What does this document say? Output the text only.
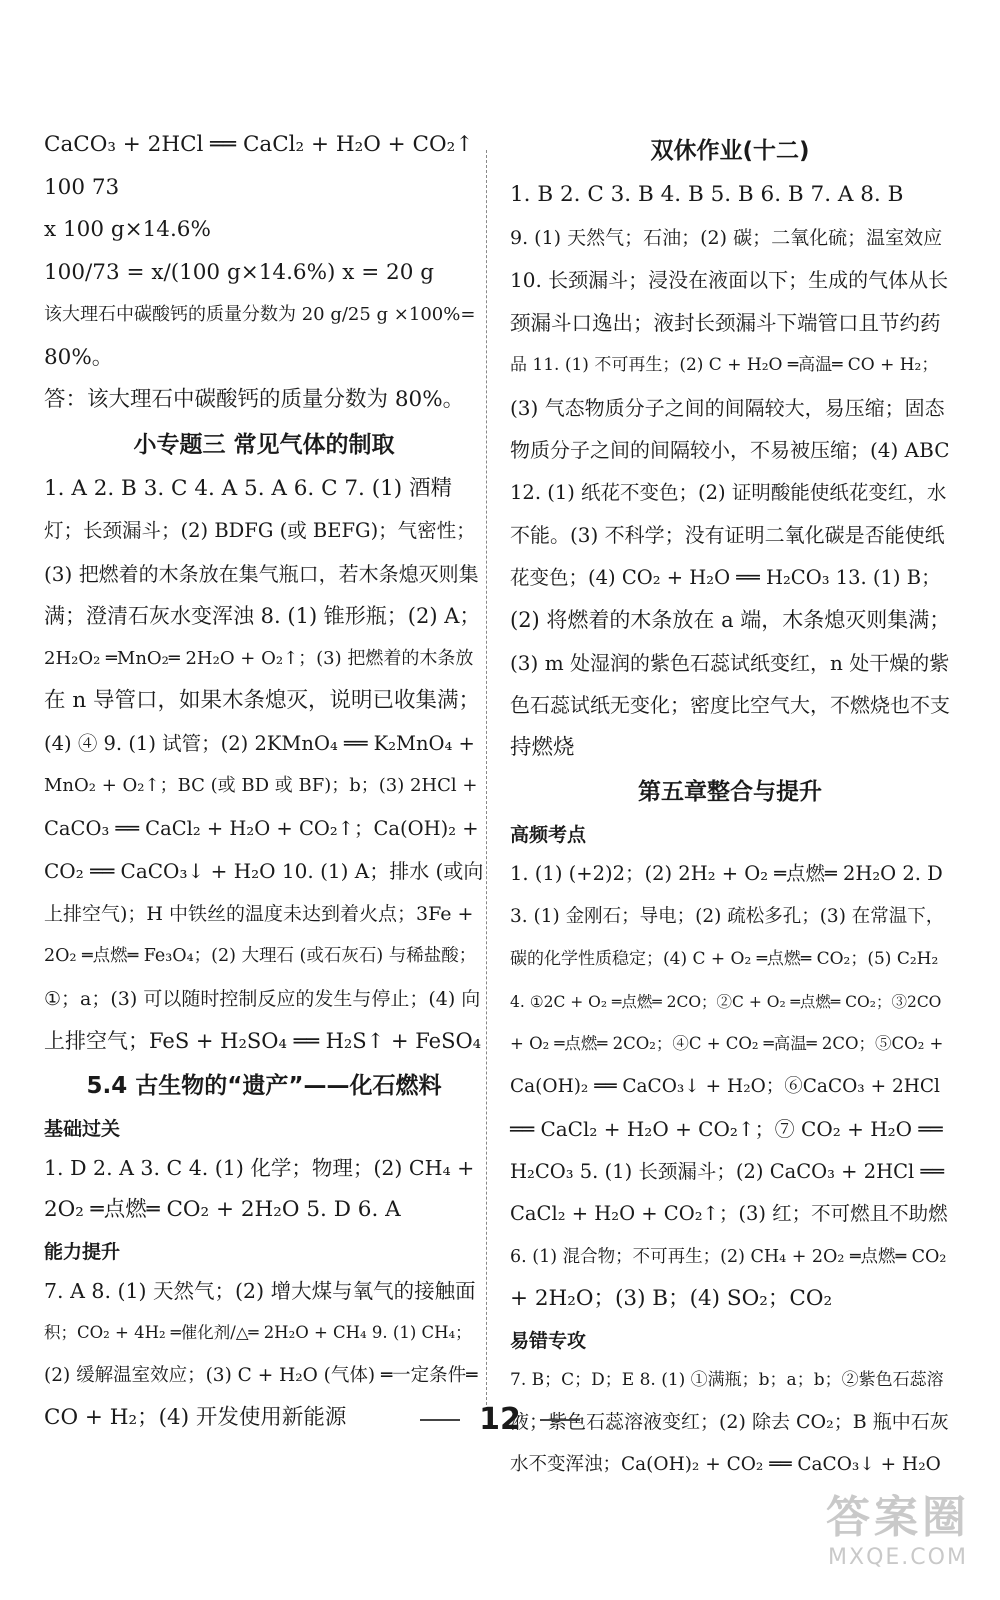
CaCO₃ + 2HCl ══ CaCl₂ + H₂O + CO₂↑
100 73
x 100 g×14.6%
100/73 = x/(100 g×14.6%) x = 20 g
该大理石中碳酸钙的质量分数为 20 g/25 g ×100%=
80%。
答：该大理石中碳酸钙的质量分数为 80%。
小专题三 常见气体的制取
1. A 2. B 3. C 4. A 5. A 6. C 7. (1) 酒精
灯；长颈漏斗；(2) BDFG (或 BEFG)；气密性；
(3) 把燃着的木条放在集气瓶口，若木条熄灭则集
满；澄清石灰水变浑浊 8. (1) 锥形瓶；(2) A；
2H₂O₂ ═MnO₂═ 2H₂O + O₂↑；(3) 把燃着的木条放
在 n 导管口，如果木条熄灭，说明已收集满；
(4) ④ 9. (1) 试管；(2) 2KMnO₄ ══ K₂MnO₄ +
MnO₂ + O₂↑；BC (或 BD 或 BF)；b；(3) 2HCl +
CaCO₃ ══ CaCl₂ + H₂O + CO₂↑；Ca(OH)₂ +
CO₂ ══ CaCO₃↓ + H₂O 10. (1) A；排水 (或向
上排空气)；H 中铁丝的温度未达到着火点；3Fe +
2O₂ ═点燃═ Fe₃O₄；(2) 大理石 (或石灰石) 与稀盐酸；
①；a；(3) 可以随时控制反应的发生与停止；(4) 向
上排空气；FeS + H₂SO₄ ══ H₂S↑ + FeSO₄
5.4 古生物的“遗产”——化石燃料
基础过关
1. D 2. A 3. C 4. (1) 化学；物理；(2) CH₄ +
2O₂ ═点燃═ CO₂ + 2H₂O 5. D 6. A
能力提升
7. A 8. (1) 天然气；(2) 增大煤与氧气的接触面
积；CO₂ + 4H₂ ═催化剂/△═ 2H₂O + CH₄ 9. (1) CH₄；
(2) 缓解温室效应；(3) C + H₂O (气体) ═一定条件═
CO + H₂；(4) 开发使用新能源
双休作业(十二)
1. B 2. C 3. B 4. B 5. B 6. B 7. A 8. B
9. (1) 天然气；石油；(2) 碳；二氧化硫；温室效应
10. 长颈漏斗；浸没在液面以下；生成的气体从长
颈漏斗口逸出；液封长颈漏斗下端管口且节约药
品 11. (1) 不可再生；(2) C + H₂O ═高温═ CO + H₂；
(3) 气态物质分子之间的间隔较大，易压缩；固态
物质分子之间的间隔较小，不易被压缩；(4) ABC
12. (1) 纸花不变色；(2) 证明酸能使纸花变红，水
不能。(3) 不科学；没有证明二氧化碳是否能使纸
花变色；(4) CO₂ + H₂O ══ H₂CO₃ 13. (1) B；
(2) 将燃着的木条放在 a 端，木条熄灭则集满；
(3) m 处湿润的紫色石蕊试纸变红，n 处干燥的紫
色石蕊试纸无变化；密度比空气大，不燃烧也不支
持燃烧
第五章整合与提升
高频考点
1. (1) (+2)2；(2) 2H₂ + O₂ ═点燃═ 2H₂O 2. D
3. (1) 金刚石；导电；(2) 疏松多孔；(3) 在常温下，
碳的化学性质稳定；(4) C + O₂ ═点燃═ CO₂；(5) C₂H₂
4. ①2C + O₂ ═点燃═ 2CO；②C + O₂ ═点燃═ CO₂；③2CO
+ O₂ ═点燃═ 2CO₂；④C + CO₂ ═高温═ 2CO；⑤CO₂ +
Ca(OH)₂ ══ CaCO₃↓ + H₂O；⑥CaCO₃ + 2HCl
══ CaCl₂ + H₂O + CO₂↑；⑦ CO₂ + H₂O ══
H₂CO₃ 5. (1) 长颈漏斗；(2) CaCO₃ + 2HCl ══
CaCl₂ + H₂O + CO₂↑；(3) 红；不可燃且不助燃
6. (1) 混合物；不可再生；(2) CH₄ + 2O₂ ═点燃═ CO₂
+ 2H₂O；(3) B；(4) SO₂；CO₂
易错专攻
7. B；C；D；E 8. (1) ①满瓶；b；a；b；②紫色石蕊溶
液；紫色石蕊溶液变红；(2) 除去 CO₂；B 瓶中石灰
水不变浑浊；Ca(OH)₂ + CO₂ ══ CaCO₃↓ + H₂O
12
答案圈
MXQE.COM
